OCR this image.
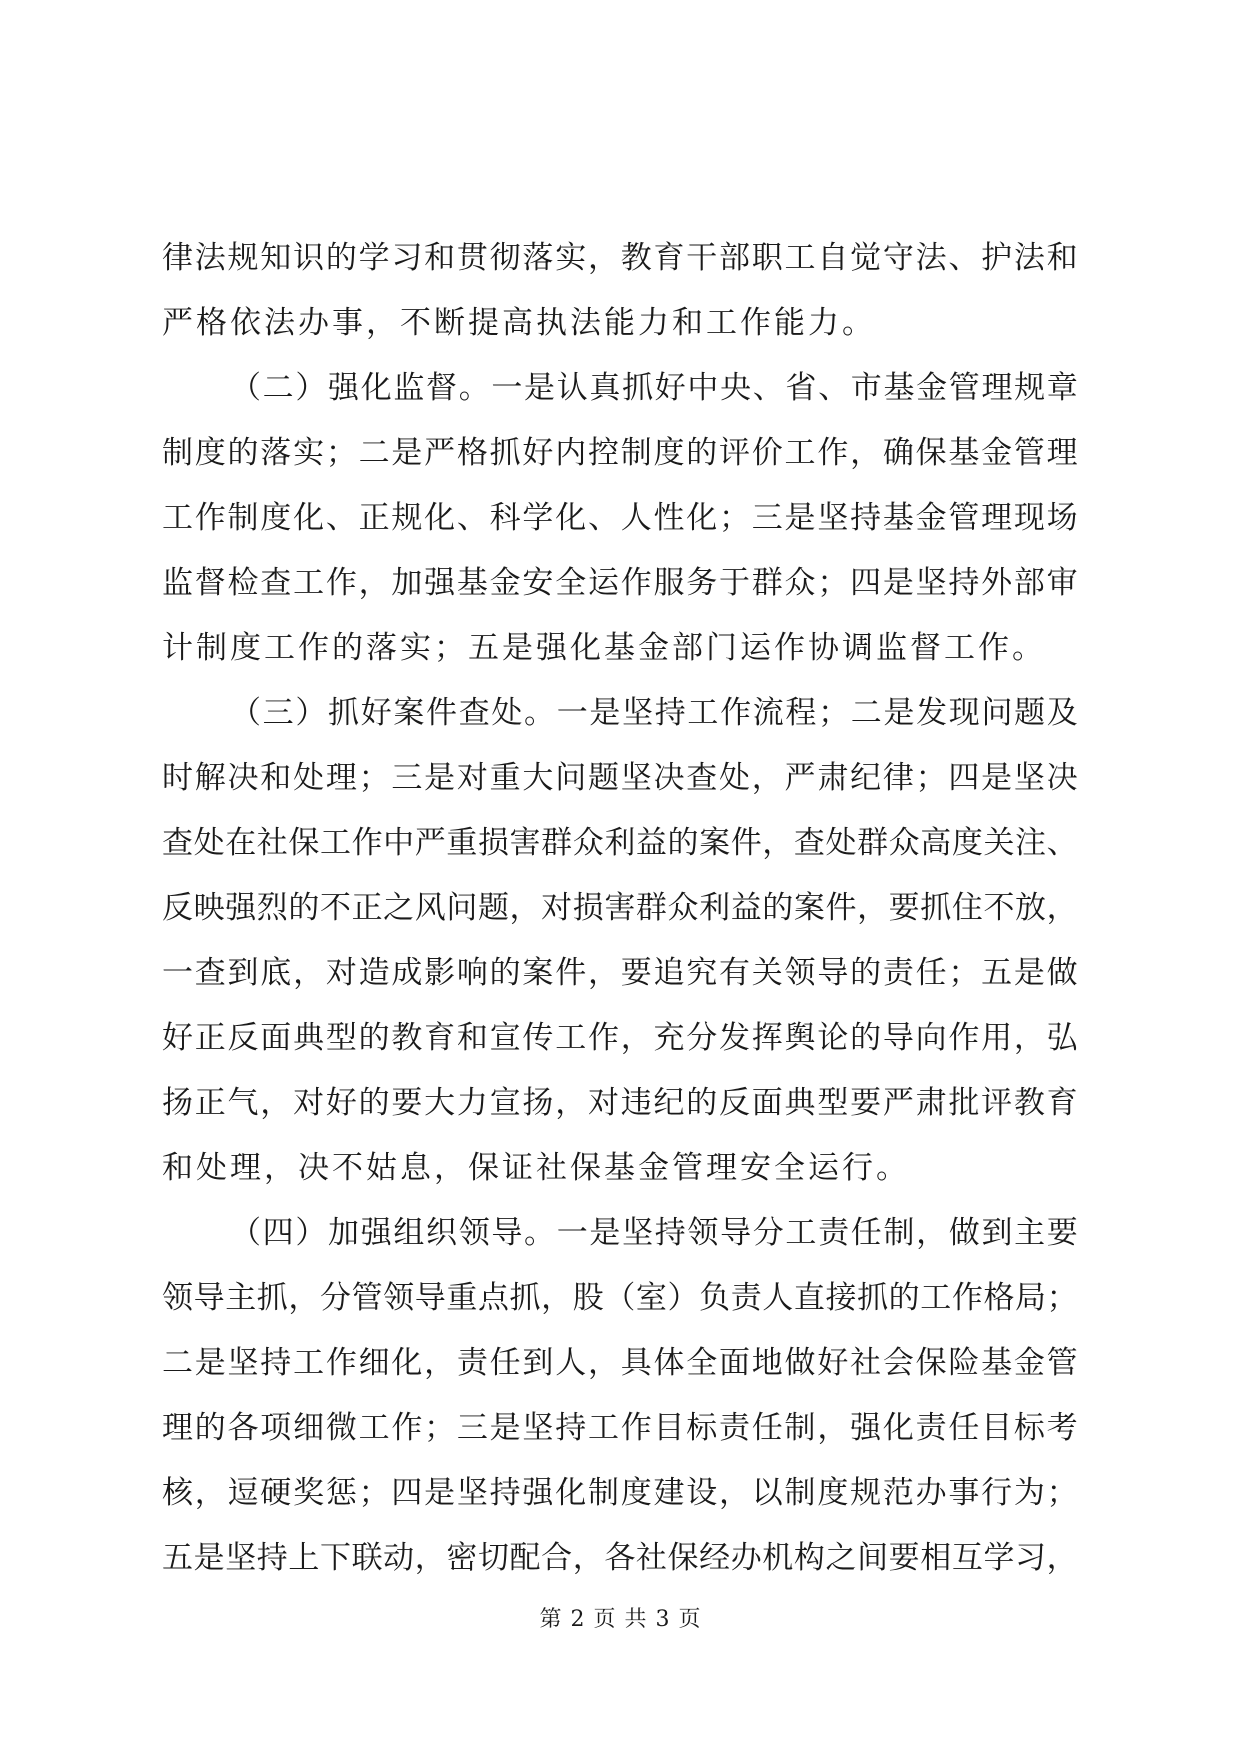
律 法 规 知 识 的 学 习 和 贯 彻 落 实 ， 教 育 干 部 职 工 自 觉 守 法 、 护 法 和
严格依法办事，不断提高执法能力和工作能力。
（ 二 ） 强 化 监 督 。 一 是 认 真 抓 好 中 央 、 省 、 市 基 金 管 理 规 章
制 度 的 落 实 ； 二 是 严 格 抓 好 内 控 制 度 的 评 价 工 作 ， 确 保 基 金 管 理
工 作 制 度 化 、 正 规 化 、 科 学 化 、 人 性 化 ； 三 是 坚 持 基 金 管 理 现 场
监 督 检 查 工 作 ， 加 强 基 金 安 全 运 作 服 务 于 群 众 ； 四 是 坚 持 外 部 审
计制度工作的落实；五是强化基金部门运作协调监督工作。
（ 三 ） 抓 好 案 件 查 处 。 一 是 坚 持 工 作 流 程 ； 二 是 发 现 问 题 及
时 解 决 和 处 理 ； 三 是 对 重 大 问 题 坚 决 查 处 ， 严 肃 纪 律 ； 四 是 坚 决
查 处 在 社 保 工 作 中 严 重 损 害 群 众 利 益 的 案 件 ， 查 处 群 众 高 度 关 注 、
反 映 强 烈 的 不 正 之 风 问 题 ， 对 损 害 群 众 利 益 的 案 件 ， 要 抓 住 不 放 ，
一 查 到 底 ， 对 造 成 影 响 的 案 件 ， 要 追 究 有 关 领 导 的 责 任 ； 五 是 做
好 正 反 面 典 型 的 教 育 和 宣 传 工 作 ， 充 分 发 挥 舆 论 的 导 向 作 用 ， 弘
扬 正 气 ， 对 好 的 要 大 力 宣 扬 ， 对 违 纪 的 反 面 典 型 要 严 肃 批 评 教 育
和处理，决不姑息，保证社保基金管理安全运行。
（ 四 ） 加 强 组 织 领 导 。 一 是 坚 持 领 导 分 工 责 任 制 ， 做 到 主 要
领 导 主 抓 ， 分 管 领 导 重 点 抓 ， 股 （ 室 ） 负 责 人 直 接 抓 的 工 作 格 局 ；
二 是 坚 持 工 作 细 化 ， 责 任 到 人 ， 具 体 全 面 地 做 好 社 会 保 险 基 金 管
理 的 各 项 细 微 工 作 ； 三 是 坚 持 工 作 目 标 责 任 制 ， 强 化 责 任 目 标 考
核 ， 逗 硬 奖 惩 ； 四 是 坚 持 强 化 制 度 建 设 ， 以 制 度 规 范 办 事 行 为 ；
五 是 坚 持 上 下 联 动 ， 密 切 配 合 ， 各 社 保 经 办 机 构 之 间 要 相 互 学 习 ，
第 2 页 共 3 页
